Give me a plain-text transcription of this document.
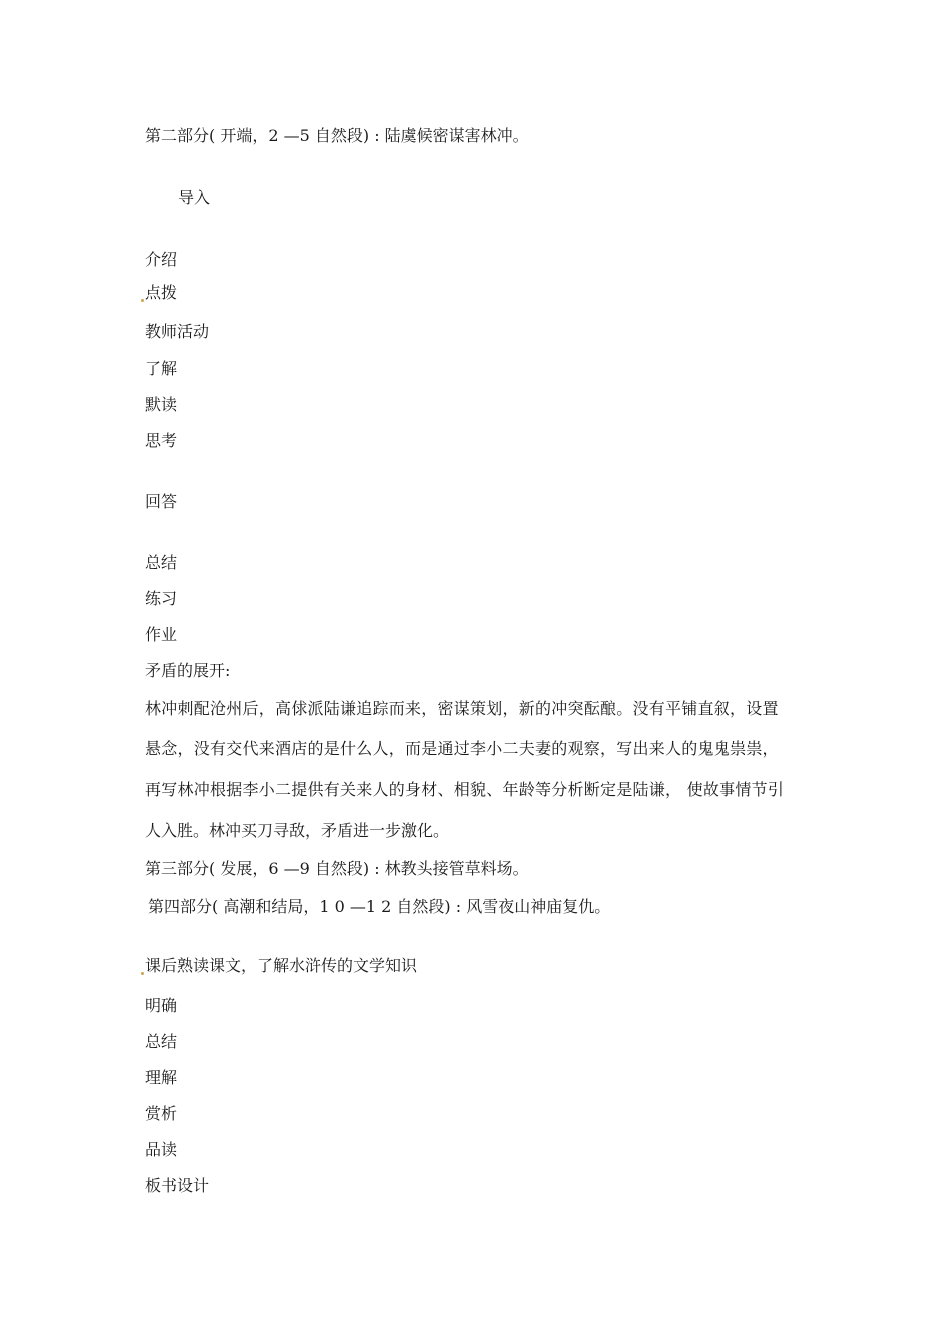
第二部分( 开端，2 —5 自然段) : 陆虞候密谋害林冲。
导入
介绍
点拨
教师活动
了解
默读
思考
回答
总结
练习
作业
矛盾的展开:
林冲刺配沧州后，高俅派陆谦追踪而来，密谋策划，新的冲突酝酿。没有平铺直叙，设置
悬念，没有交代来酒店的是什么人，而是通过李小二夫妻的观察，写出来人的鬼鬼祟祟，
再写林冲根据李小二提供有关来人的身材、相貌、年龄等分析断定是陆谦， 使故事情节引
人入胜。林冲买刀寻敌，矛盾进一步激化。
第三部分( 发展，6 —9 自然段) : 林教头接管草料场。
第四部分( 高潮和结局，1 0 —1 2 自然段) : 风雪夜山神庙复仇。
课后熟读课文，了解水浒传的文学知识
明确
总结
理解
赏析
品读
板书设计
